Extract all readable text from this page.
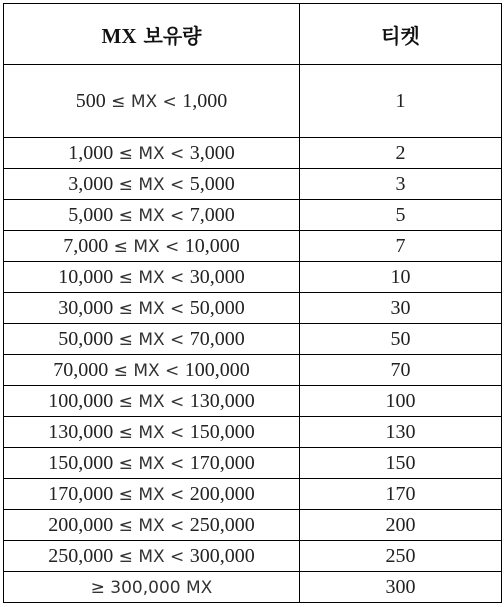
MX 보유량	티켓
500 ≤ MX < 1,000	1
1,000 ≤ MX < 3,000	2
3,000 ≤ MX < 5,000	3
5,000 ≤ MX < 7,000	5
7,000 ≤ MX < 10,000	7
10,000 ≤ MX < 30,000	10
30,000 ≤ MX < 50,000	30
50,000 ≤ MX < 70,000	50
70,000 ≤ MX < 100,000	70
100,000 ≤ MX < 130,000	100
130,000 ≤ MX < 150,000	130
150,000 ≤ MX < 170,000	150
170,000 ≤ MX < 200,000	170
200,000 ≤ MX < 250,000	200
250,000 ≤ MX < 300,000	250
≥ 300,000 MX	300
